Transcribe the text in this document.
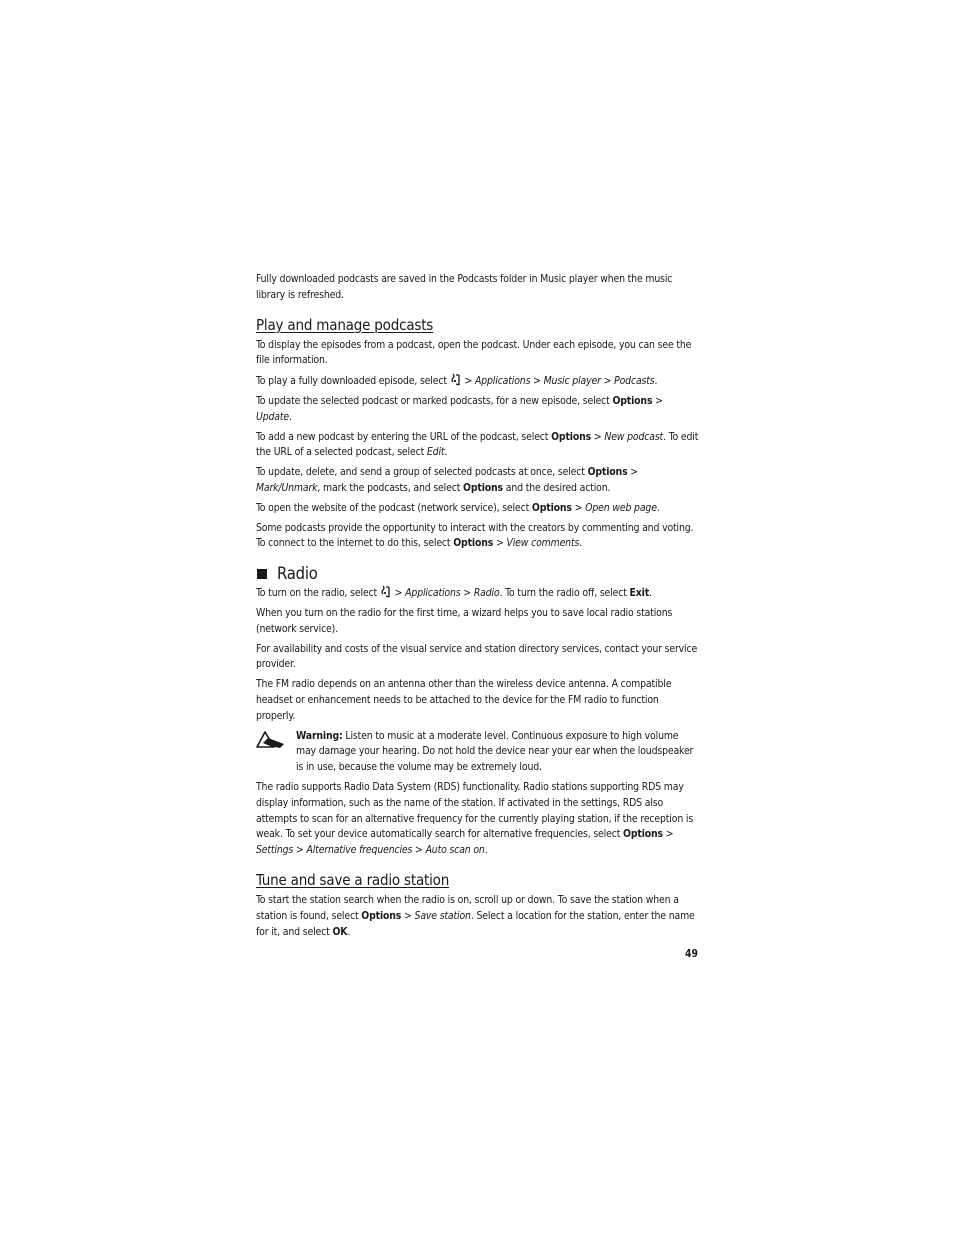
Fully downloaded podcasts are saved in the Podcasts folder in Music player when the music library is refreshed.

Play and manage podcasts

To display the episodes from a podcast, open the podcast. Under each episode, you can see the file information.

To play a fully downloaded episode, select  > Applications > Music player > Podcasts.

To update the selected podcast or marked podcasts, for a new episode, select Options > Update.

To add a new podcast by entering the URL of the podcast, select Options > New podcast. To edit the URL of a selected podcast, select Edit.

To update, delete, and send a group of selected podcasts at once, select Options > Mark/Unmark, mark the podcasts, and select Options and the desired action.

To open the website of the podcast (network service), select Options > Open web page.

Some podcasts provide the opportunity to interact with the creators by commenting and voting. To connect to the internet to do this, select Options > View comments.

Radio

To turn on the radio, select  > Applications > Radio. To turn the radio off, select Exit.

When you turn on the radio for the first time, a wizard helps you to save local radio stations (network service).

For availability and costs of the visual service and station directory services, contact your service provider.

The FM radio depends on an antenna other than the wireless device antenna. A compatible headset or enhancement needs to be attached to the device for the FM radio to function properly.

Warning: Listen to music at a moderate level. Continuous exposure to high volume may damage your hearing. Do not hold the device near your ear when the loudspeaker is in use, because the volume may be extremely loud.

The radio supports Radio Data System (RDS) functionality. Radio stations supporting RDS may display information, such as the name of the station. If activated in the settings, RDS also attempts to scan for an alternative frequency for the currently playing station, if the reception is weak. To set your device automatically search for alternative frequencies, select Options > Settings > Alternative frequencies > Auto scan on.

Tune and save a radio station

To start the station search when the radio is on, scroll up or down. To save the station when a station is found, select Options > Save station. Select a location for the station, enter the name for it, and select OK.

49
